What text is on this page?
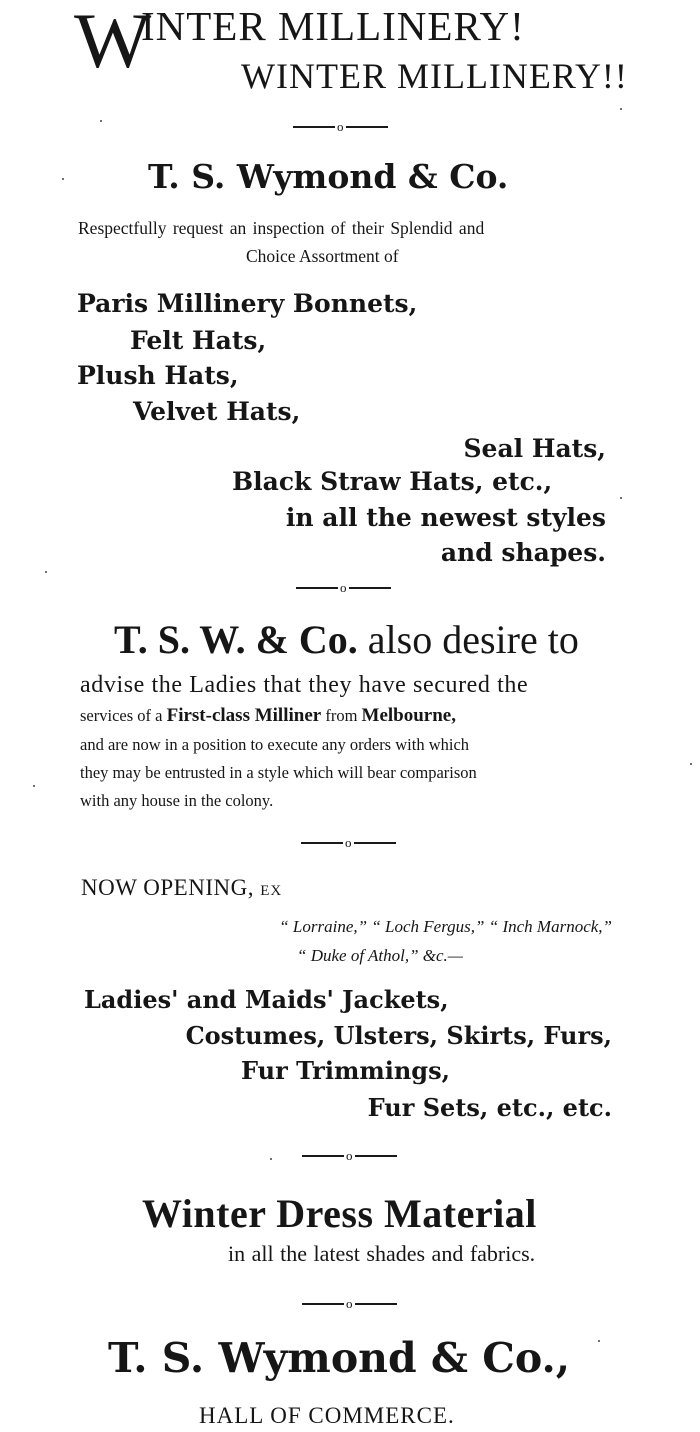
W
INTER MILLINERY!
WINTER MILLINERY!!
o
T. S. Wymond & Co.
Respectfully request an inspection of their Splendid and
Choice Assortment of
Paris Millinery Bonnets,
Felt Hats,
Plush Hats,
Velvet Hats,
Seal Hats,
Black Straw Hats, etc.,
in all the newest styles
and shapes.
o
T. S. W. & Co. also desire to
advise the Ladies that they have secured the
services of a First-class Milliner from Melbourne,
and are now in a position to execute any orders with which
they may be entrusted in a style which will bear comparison
with any house in the colony.
o
NOW OPENING, EX
“ Lorraine,” “ Loch Fergus,” “ Inch Marnock,”
“ Duke of Athol,” &c.—
Ladies' and Maids' Jackets,
Costumes, Ulsters, Skirts, Furs,
Fur Trimmings,
Fur Sets, etc., etc.
o
Winter Dress Material
in all the latest shades and fabrics.
o
T. S. Wymond & Co.,
HALL OF COMMERCE.
